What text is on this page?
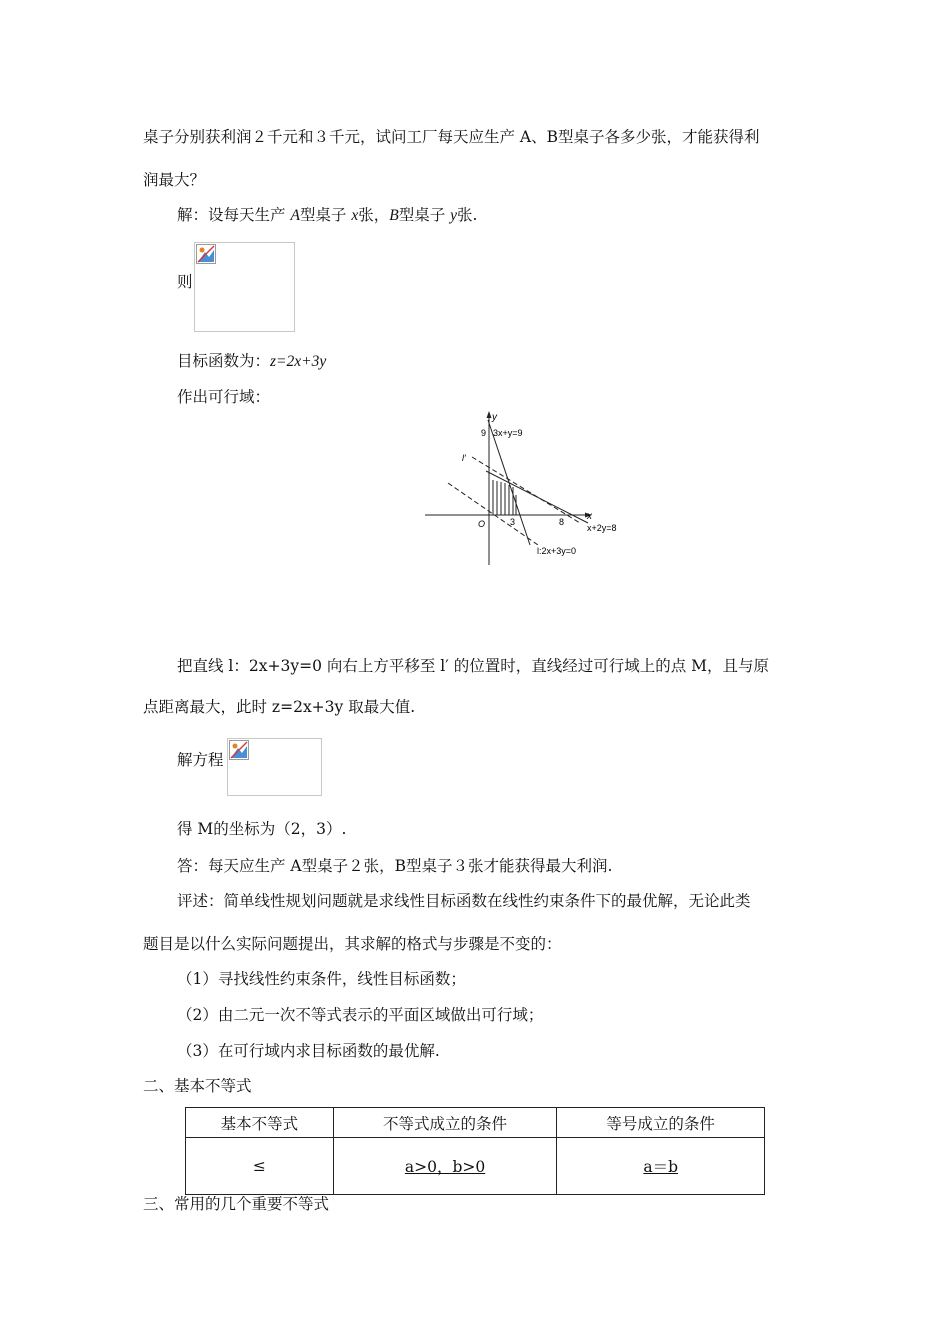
桌子分别获利润２千元和３千元，试问工厂每天应生产 A、B型桌子各多少张，才能获得利
润最大？
解：设每天生产 A型桌子 x张，B型桌子 y张.
则
目标函数为：z=2x+3y
作出可行域：
y
x
O
9
3	8
3x+y=9
x+2y=8
l:2x+3y=0
l′
把直线 l：2x+3y=0 向右上方平移至 l′ 的位置时，直线经过可行域上的点 M，且与原
点距离最大，此时 z=2x+3y 取最大值.
解方程
得 M的坐标为（2，3）.
答：每天应生产 A型桌子２张，B型桌子３张才能获得最大利润.
评述：简单线性规划问题就是求线性目标函数在线性约束条件下的最优解，无论此类
题目是以什么实际问题提出，其求解的格式与步骤是不变的：
（1）寻找线性约束条件，线性目标函数；
（2）由二元一次不等式表示的平面区域做出可行域；
（3）在可行域内求目标函数的最优解.
二、基本不等式
基本不等式	不等式成立的条件	等号成立的条件
≤	a>0，b>0	a＝b
三、常用的几个重要不等式
